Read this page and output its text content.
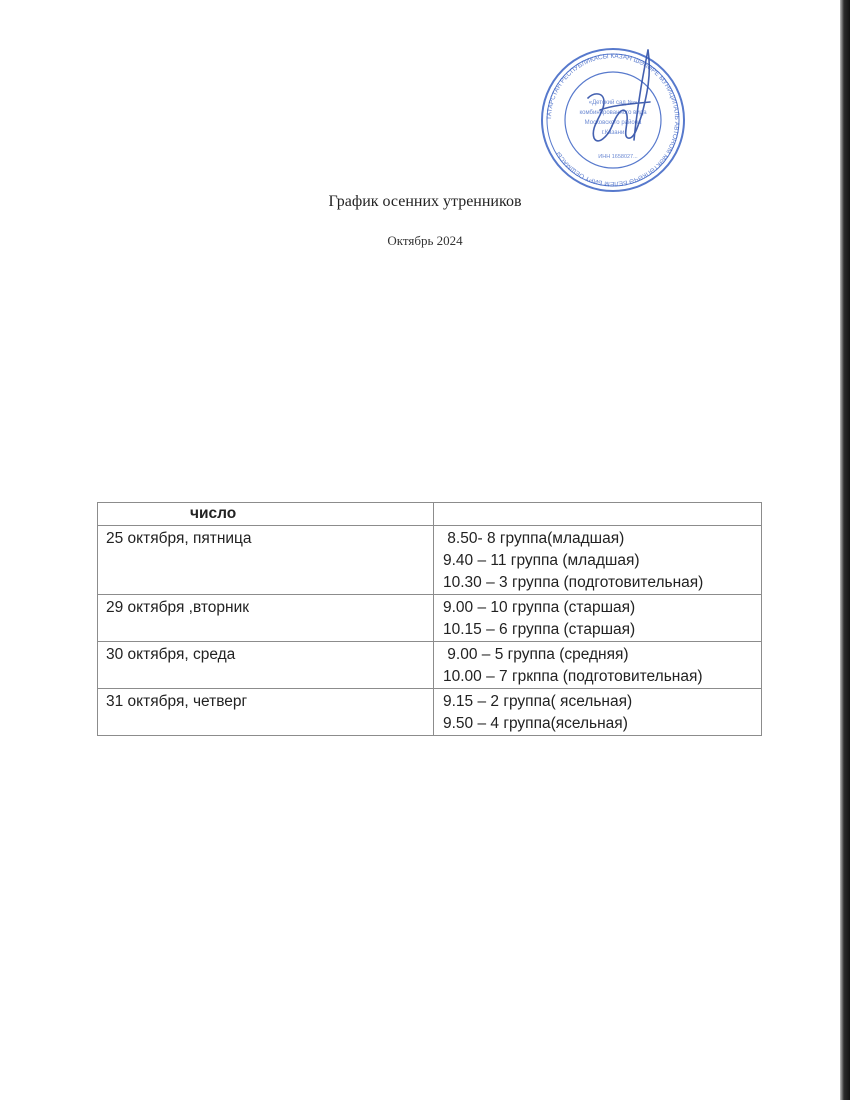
ТАТАРСТАН РЕСПУБЛИКАСЫ КАЗАН ШӘҺӘРЕ МУНИЦИПАЛЬ АВТОНОМ МӘКТӘПКӘЧӘ БЕЛЕМ БИРҮ ОЕШМАСЫ
«Детский сад №»
комбинированного вида
Московского района
г.Казани
ИНН 1658027...
График осенних утренников
Октябрь 2024
число	
25 октября, пятница	8.50- 8 группа(младшая)
9.40 – 11 группа (младшая)
10.30 – 3 группа (подготовительная)

29 октября ,вторник	9.00 – 10 группа (старшая)
10.15 – 6 группа (старшая)

30 октября, среда	9.00 – 5 группа (средняя)
10.00 – 7 гркппа (подготовительная)

31 октября, четверг	9.15 – 2 группа( ясельная)
9.50 – 4 группа(ясельная)
